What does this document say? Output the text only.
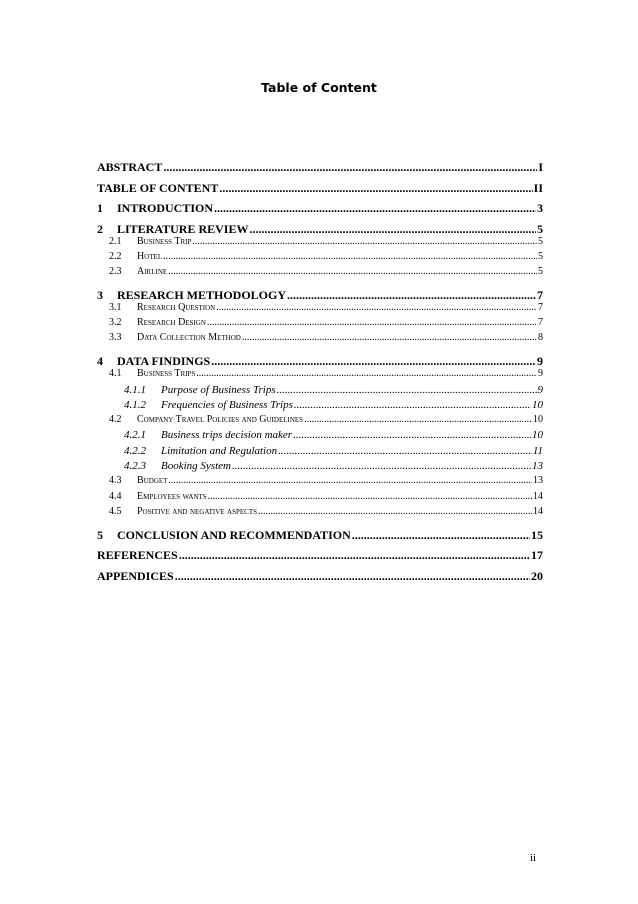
Table of Content
ABSTRACT .....	I
TABLE OF CONTENT .....	II
1 INTRODUCTION .....	3
2 LITERATURE REVIEW .....	5
2.1 Business Trip .....	5
2.2 Hotel .....	5
2.3 Airline .....	5
3 RESEARCH METHODOLOGY .....	7
3.1 Research Question .....	7
3.2 Research Design .....	7
3.3 Data Collection Method .....	8
4 DATA FINDINGS .....	9
4.1 Business Trips .....	9
4.1.1 Purpose of Business Trips .....	9
4.1.2 Frequencies of Business Trips .....	10
4.2 Company Travel Policies and Guidelines .....	10
4.2.1 Business trips decision maker .....	10
4.2.2 Limitation and Regulation .....	11
4.2.3 Booking System .....	13
4.3 Budget .....	13
4.4 Employees wants .....	14
4.5 Positive and negative aspects .....	14
5 CONCLUSION AND RECOMMENDATION .....	15
REFERENCES .....	17
APPENDICES .....	20
ii
